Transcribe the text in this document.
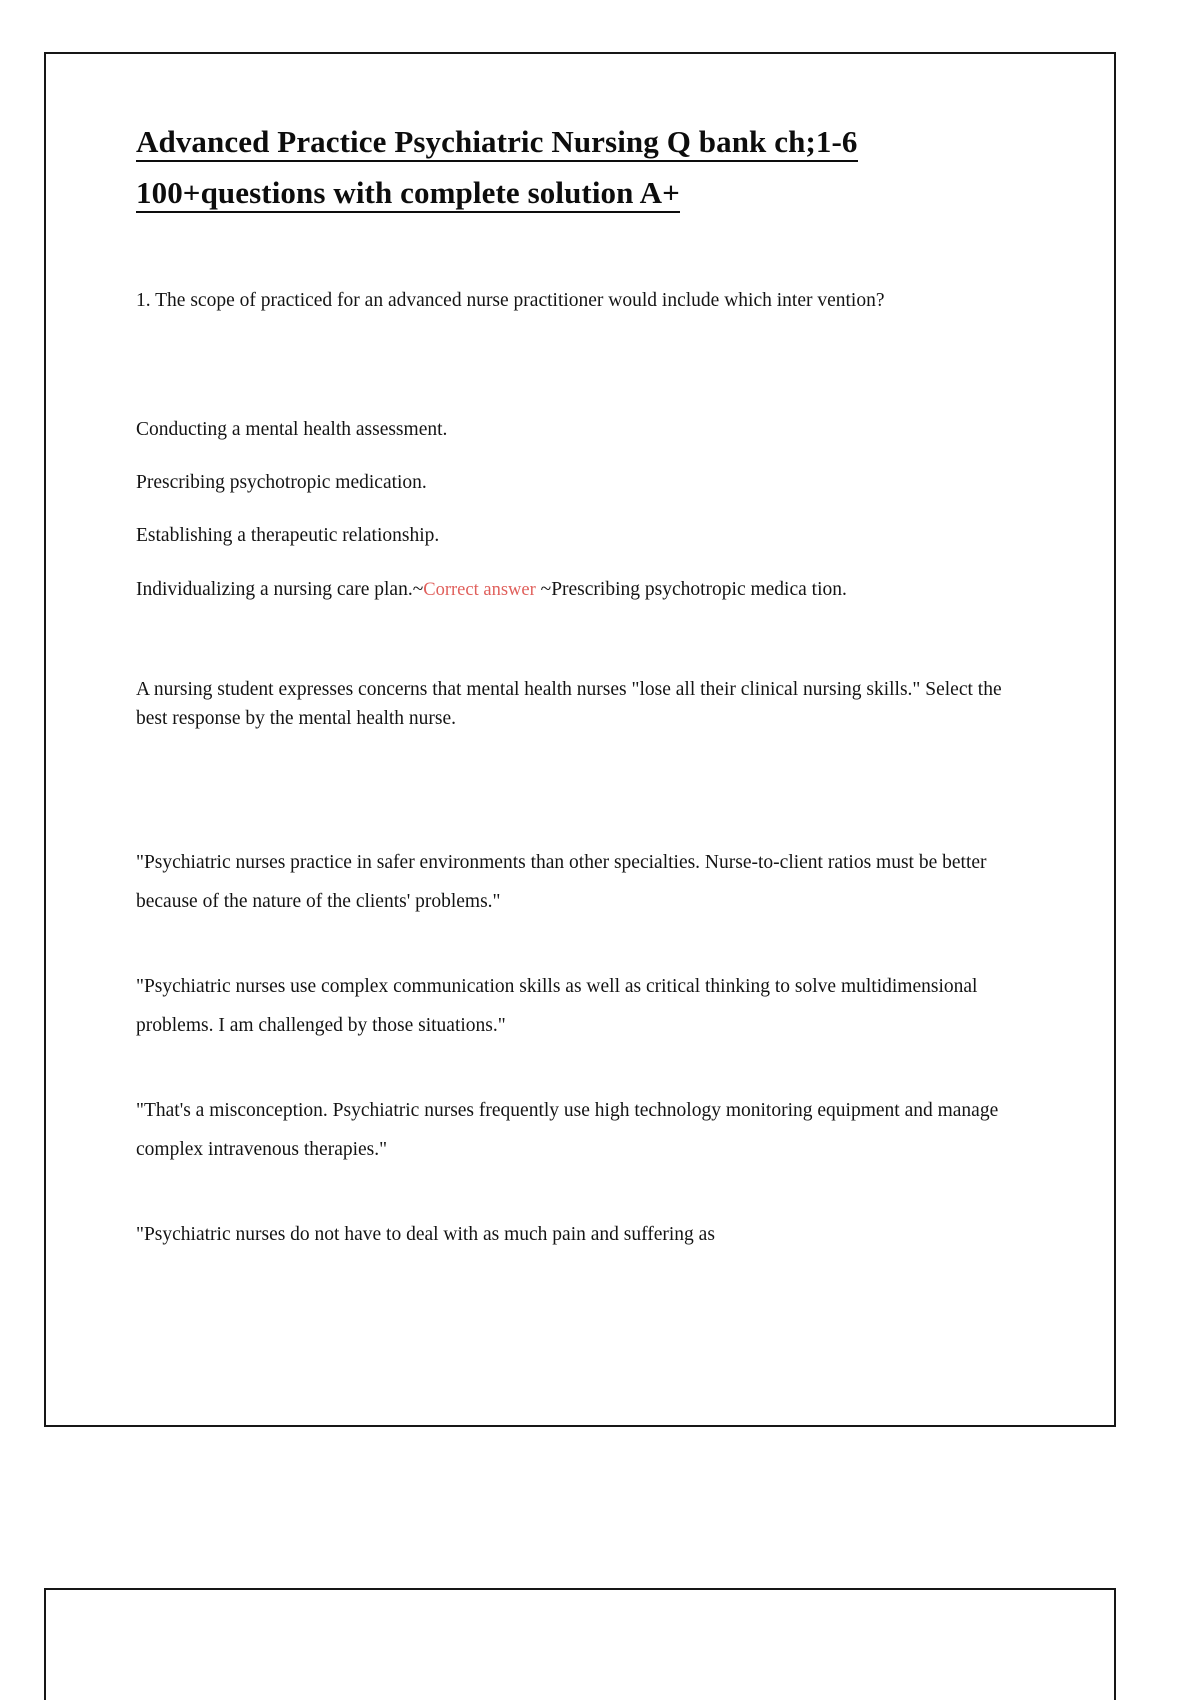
Advanced Practice Psychiatric Nursing Q bank ch;1-6
100+questions with complete solution A+

1. The scope of practiced for an advanced nurse practitioner would include which inter vention?

Conducting a mental health assessment.

Prescribing psychotropic medication.

Establishing a therapeutic relationship.

Individualizing a nursing care plan.~Correct answer ~Prescribing psychotropic medica tion.

A nursing student expresses concerns that mental health nurses "lose all their clinical nursing skills." Select the best response by the mental health nurse.

"Psychiatric nurses practice in safer environments than other specialties. Nurse-to-client ratios must be better because of the nature of the clients' problems."

"Psychiatric nurses use complex communication skills as well as critical thinking to solve multidimensional problems. I am challenged by those situations."

"That's a misconception. Psychiatric nurses frequently use high technology monitoring equipment and manage complex intravenous therapies."

"Psychiatric nurses do not have to deal with as much pain and suffering as
